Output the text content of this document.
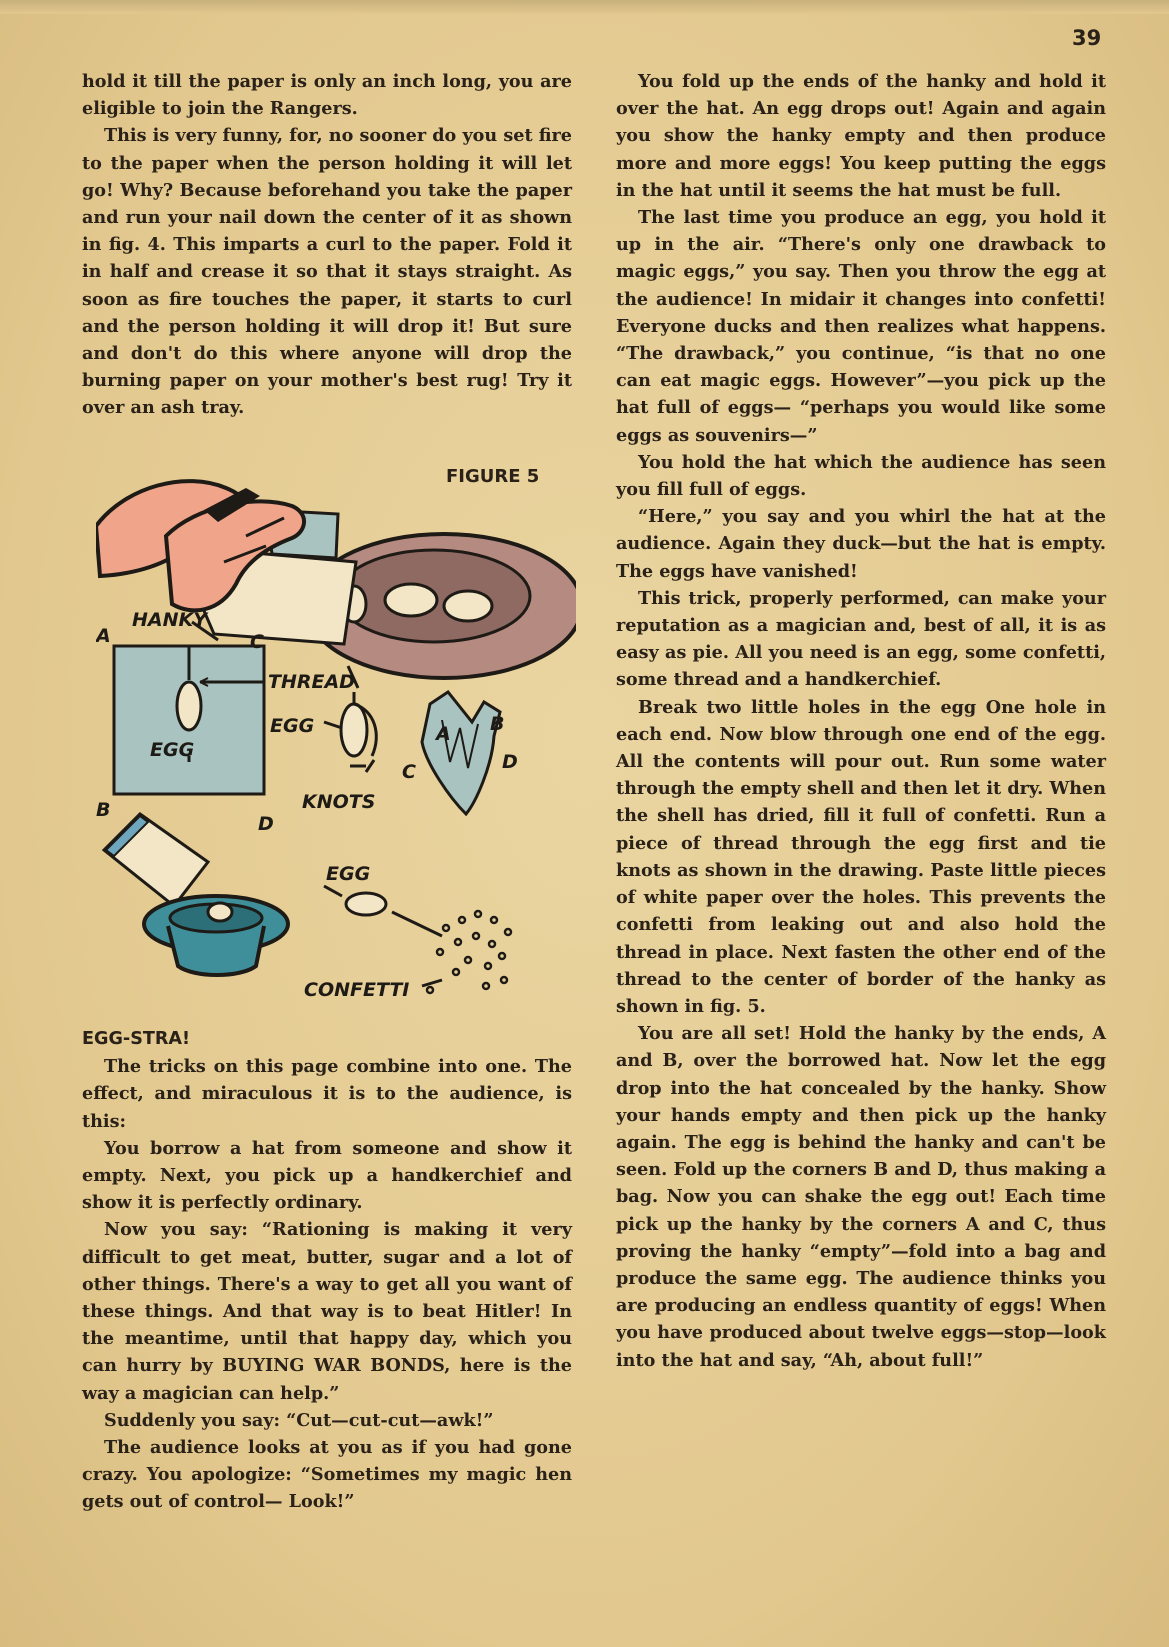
39

hold it till the paper is only an inch long, you are eligible to join the Rangers.

This is very funny, for, no sooner do you set fire to the paper when the person holding it will let go! Why? Because beforehand you take the paper and run your nail down the center of it as shown in fig. 4. This imparts a curl to the paper. Fold it in half and crease it so that it stays straight. As soon as fire touches the paper, it starts to curl and the person holding it will drop it! But sure and don't do this where anyone will drop the burning paper on your mother's best rug! Try it over an ash tray.

FIGURE 5
A
HANKY
C
THREAD
EGG
B
D
EGG
KNOTS
A B
C	D
EGG
CONFETTI

EGG-STRA!

The tricks on this page combine into one. The effect, and miraculous it is to the audience, is this:

You borrow a hat from someone and show it empty. Next, you pick up a handkerchief and show it is perfectly ordinary.

Now you say: “Rationing is making it very difficult to get meat, butter, sugar and a lot of other things. There's a way to get all you want of these things. And that way is to beat Hitler! In the meantime, until that happy day, which you can hurry by BUYING WAR BONDS, here is the way a magician can help.”

Suddenly you say: “Cut—cut-cut—awk!”

The audience looks at you as if you had gone crazy. You apologize: “Sometimes my magic hen gets out of control— Look!”

You fold up the ends of the hanky and hold it over the hat. An egg drops out! Again and again you show the hanky empty and then produce more and more eggs! You keep putting the eggs in the hat until it seems the hat must be full.

The last time you produce an egg, you hold it up in the air. “There's only one drawback to magic eggs,” you say. Then you throw the egg at the audience! In midair it changes into confetti! Everyone ducks and then realizes what happens. “The drawback,” you continue, “is that no one can eat magic eggs. However”—you pick up the hat full of eggs— “perhaps you would like some eggs as souvenirs—”

You hold the hat which the audience has seen you fill full of eggs.

“Here,” you say and you whirl the hat at the audience. Again they duck—but the hat is empty. The eggs have vanished!

This trick, properly performed, can make your reputation as a magician and, best of all, it is as easy as pie. All you need is an egg, some confetti, some thread and a handkerchief.

Break two little holes in the egg One hole in each end. Now blow through one end of the egg. All the contents will pour out. Run some water through the empty shell and then let it dry. When the shell has dried, fill it full of confetti. Run a piece of thread through the egg first and tie knots as shown in the drawing. Paste little pieces of white paper over the holes. This prevents the confetti from leaking out and also hold the thread in place. Next fasten the other end of the thread to the center of border of the hanky as shown in fig. 5.

You are all set! Hold the hanky by the ends, A and B, over the borrowed hat. Now let the egg drop into the hat concealed by the hanky. Show your hands empty and then pick up the hanky again. The egg is behind the hanky and can't be seen. Fold up the corners B and D, thus making a bag. Now you can shake the egg out! Each time pick up the hanky by the corners A and C, thus proving the hanky “empty”—fold into a bag and produce the same egg. The audience thinks you are producing an endless quantity of eggs! When you have produced about twelve eggs—stop—look into the hat and say, “Ah, about full!”
